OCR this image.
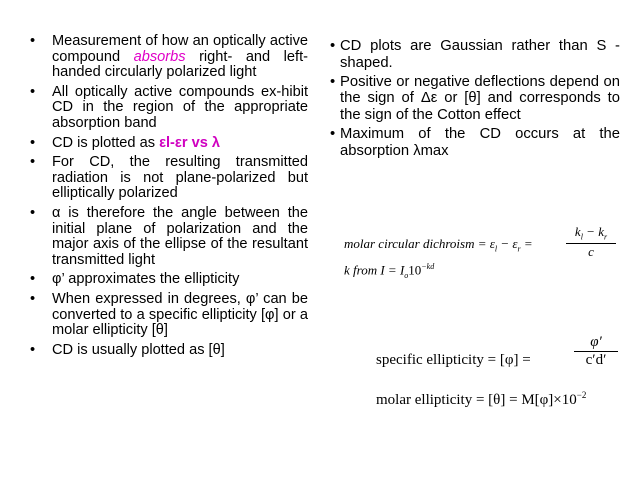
•	Measurement of how an optically active compound absorbs right- and left-handed circularly polarized light
•	All optically active compounds ex-hibit CD in the region of the appropriate absorption band
•	CD is plotted as εl-εr vs λ
•	For CD, the resulting transmitted radiation is not plane-polarized but elliptically polarized
•	α is therefore the angle between the initial plane of polarization and the major axis of the ellipse of the resultant transmitted light
•	φ’ approximates the ellipticity
•	When expressed in degrees, φ’ can be converted to a specific ellipticity [φ] or a molar ellipticity [θ]
•	CD is usually plotted as [θ]
• CD plots are Gaussian rather than S - shaped.
• Positive or negative deflections depend on the sign of Δε or [θ] and corresponds to the sign of the Cotton effect
• Maximum of the CD occurs at the absorption λmax
molar circular dichroism = $\varepsilon_l - \varepsilon_r$ =	$\frac{k_l - k_r}{c}$
k from $I = I_o10^{-kd}$
specific ellipticity = [φ] =	$\frac{\varphi'}{c'd'}$
molar ellipticity = $[\theta] = M[\varphi]\times 10^{-2}$
